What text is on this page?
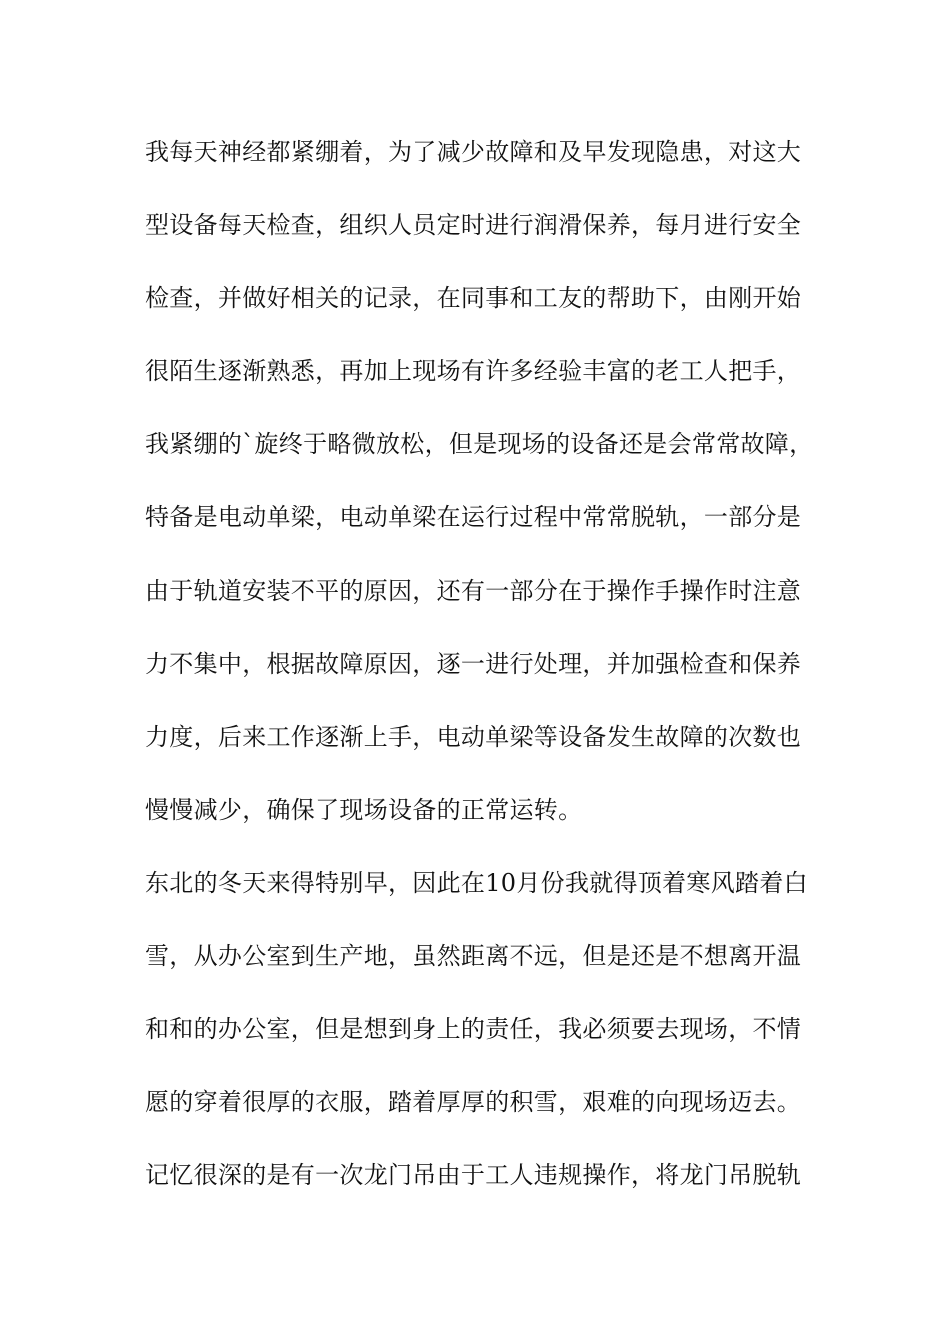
我每天神经都紧绷着，为了减少故障和及早发现隐患，对这大
型设备每天检查，组织人员定时进行润滑保养，每月进行安全
检查，并做好相关的记录，在同事和工友的帮助下，由刚开始
很陌生逐渐熟悉，再加上现场有许多经验丰富的老工人把手，
我紧绷的`旋终于略微放松，但是现场的设备还是会常常故障，
特备是电动单梁，电动单梁在运行过程中常常脱轨，一部分是
由于轨道安装不平的原因，还有一部分在于操作手操作时注意
力不集中，根据故障原因，逐一进行处理，并加强检查和保养
力度，后来工作逐渐上手，电动单梁等设备发生故障的次数也
慢慢减少，确保了现场设备的正常运转。
东北的冬天来得特别早，因此在10月份我就得顶着寒风踏着白
雪，从办公室到生产地，虽然距离不远，但是还是不想离开温
和和的办公室，但是想到身上的责任，我必须要去现场，不情
愿的穿着很厚的衣服，踏着厚厚的积雪，艰难的向现场迈去。
记忆很深的是有一次龙门吊由于工人违规操作，将龙门吊脱轨
